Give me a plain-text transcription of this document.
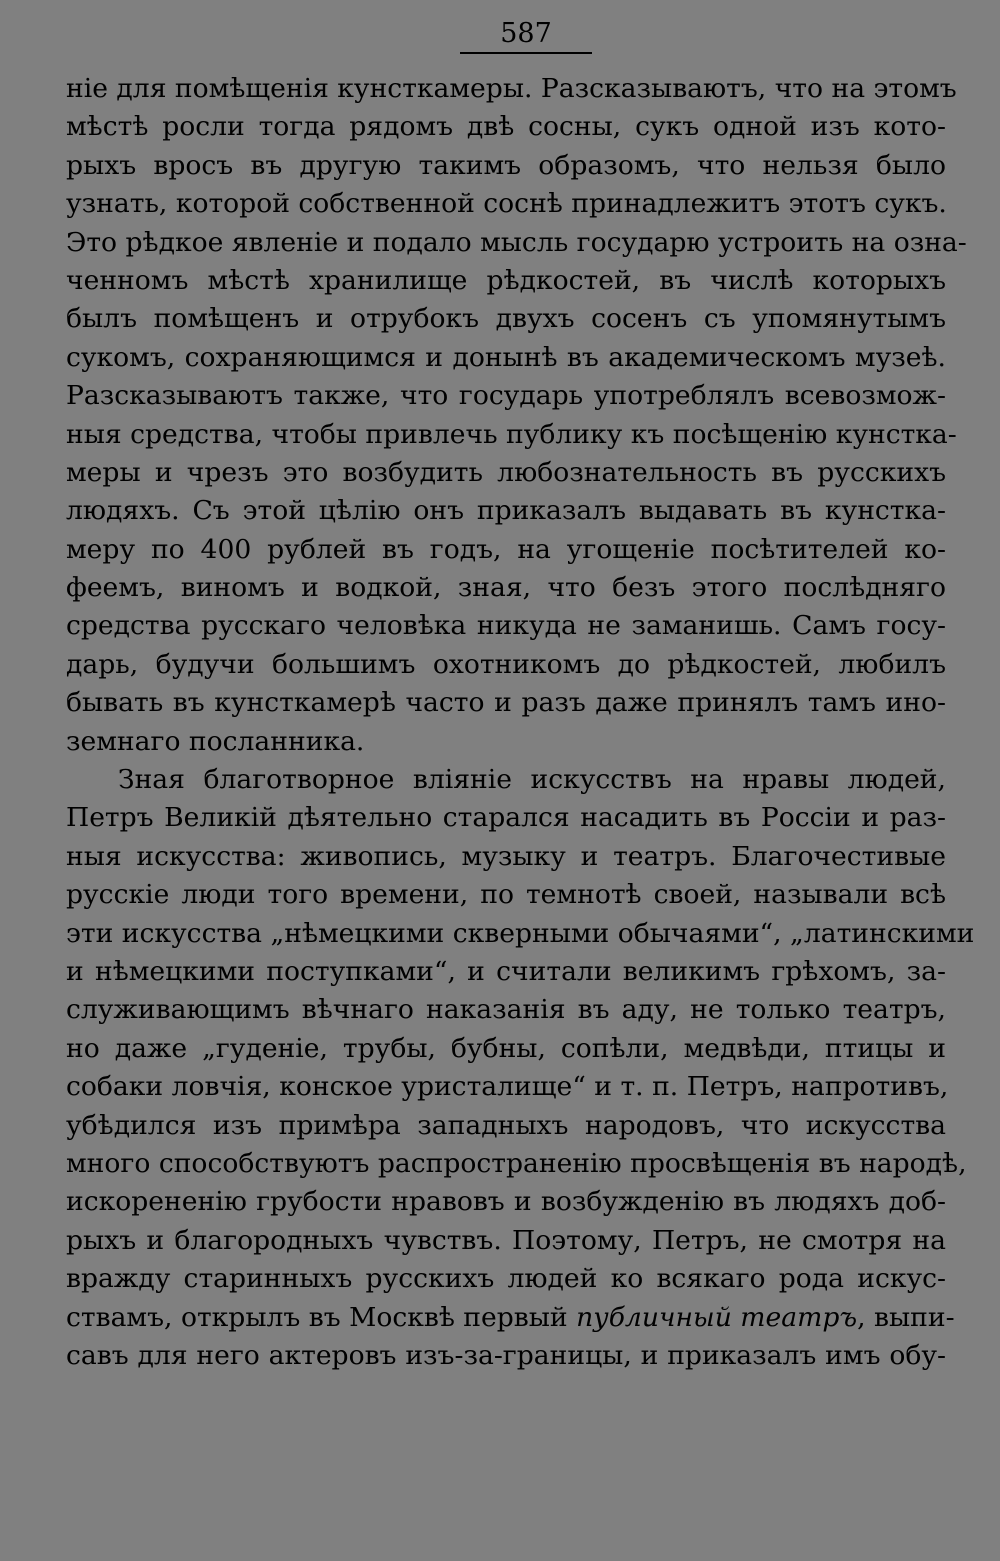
587
ніе для помѣщенія кунсткамеры. Разсказываютъ, что на этомъ
мѣстѣ росли тогда рядомъ двѣ сосны, сукъ одной изъ кото-
рыхъ вросъ въ другую такимъ образомъ, что нельзя было
узнать, которой собственной соснѣ принадлежитъ этотъ сукъ.
Это рѣдкое явленіе и подало мысль государю устроить на озна-
ченномъ мѣстѣ хранилище рѣдкостей, въ числѣ которыхъ
былъ помѣщенъ и отрубокъ двухъ сосенъ съ упомянутымъ
сукомъ, сохраняющимся и донынѣ въ академическомъ музеѣ.
Разсказываютъ также, что государь употреблялъ всевозмож-
ныя средства, чтобы привлечь публику къ посѣщенію кунстка-
меры и чрезъ это возбудить любознательность въ русскихъ
людяхъ. Съ этой цѣлію онъ приказалъ выдавать въ кунстка-
меру по 400 рублей въ годъ, на угощеніе посѣтителей ко-
феемъ, виномъ и водкой, зная, что безъ этого послѣдняго
средства русскаго человѣка никуда не заманишь. Самъ госу-
дарь, будучи большимъ охотникомъ до рѣдкостей, любилъ
бывать въ кунсткамерѣ часто и разъ даже принялъ тамъ ино-
земнаго посланника.
Зная благотворное вліяніе искусствъ на нравы людей,
Петръ Великій дѣятельно старался насадить въ Россіи и раз-
ныя искусства: живопись, музыку и театръ. Благочестивые
русскіе люди того времени, по темнотѣ своей, называли всѣ
эти искусства „нѣмецкими скверными обычаями“, „латинскими
и нѣмецкими поступками“, и считали великимъ грѣхомъ, за-
служивающимъ вѣчнаго наказанія въ аду, не только театръ,
но даже „гуденіе, трубы, бубны, сопѣли, медвѣди, птицы и
собаки ловчія, конское уристалище“ и т. п. Петръ, напротивъ,
убѣдился изъ примѣра западныхъ народовъ, что искусства
много способствуютъ распространенію просвѣщенія въ народѣ,
искорененію грубости нравовъ и возбужденію въ людяхъ доб-
рыхъ и благородныхъ чувствъ. Поэтому, Петръ, не смотря на
вражду старинныхъ русскихъ людей ко всякаго рода искус-
ствамъ, открылъ въ Москвѣ первый публичный театръ, выпи-
савъ для него актеровъ изъ-за-границы, и приказалъ имъ обу-
